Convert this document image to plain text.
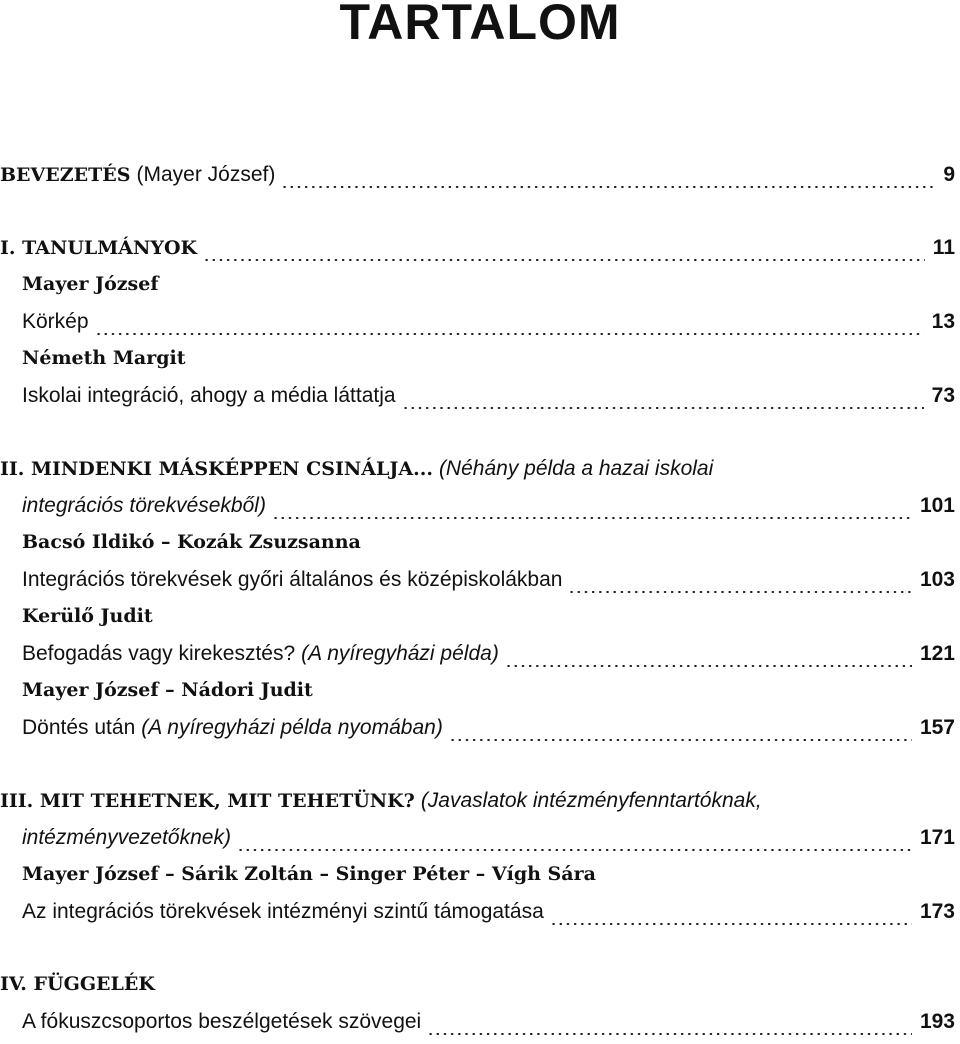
TARTALOM
BEVEZETÉS (Mayer József)	9
I. TANULMÁNYOK	11
Mayer József
Körkép	13
Németh Margit
Iskolai integráció, ahogy a média láttatja	73
II. MINDENKI MÁSKÉPPEN CSINÁLJA... (Néhány példa a hazai iskolai
integrációs törekvésekből)	101
Bacsó Ildikó – Kozák Zsuzsanna
Integrációs törekvések győri általános és középiskolákban	103
Kerülő Judit
Befogadás vagy kirekesztés? (A nyíregyházi példa)	121
Mayer József – Nádori Judit
Döntés után (A nyíregyházi példa nyomában)	157
III. MIT TEHETNEK, MIT TEHETÜNK? (Javaslatok intézményfenntartóknak,
intézményvezetőknek)	171
Mayer József – Sárik Zoltán – Singer Péter – Vígh Sára
Az integrációs törekvések intézményi szintű támogatása	173
IV. FÜGGELÉK
A fókuszcsoportos beszélgetések szövegei	193
